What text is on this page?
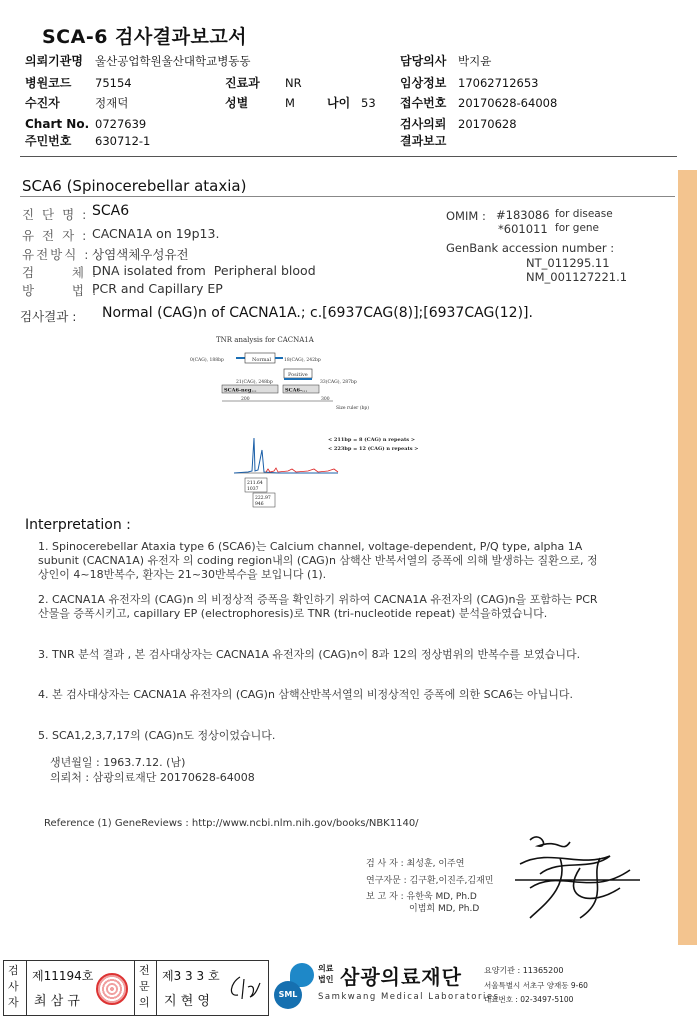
SCA-6 검사결과보고서
의뢰기관명 울산공업학원울산대학교병동동	담당의사 박지윤
병원코드 75154	진료과 NR	임상정보 17062712653
수진자	정재덕	성별	M	나이 53 접수번호 20170628-64008
Chart No. 0727639	검사의뢰 20170628
주민번호 630712-1	결과보고
SCA6 (Spinocerebellar ataxia)
진 단 명 : SCA6
유 전 자 : CACNA1A on 19p13.
유전방식 : 상염색체우성유전
검      체 :
DNA isolated from  Peripheral blood
방      법 :
PCR and Capillary EP
OMIM : #183086 for disease
*601011 for gene
GenBank accession number :
NT_011295.11
NM_001127221.1
검사결과 : Normal (CAG)n of CACNA1A.; c.[6937CAG(8)];[6937CAG(12)].
TNR analysis for CACNA1A
0(CAG), 188bp	Normal	18(CAG), 242bp
Positive
21(CAG), 248bp	33(CAG), 287bp
SCA6-neg...	SCA6-...
200	300
Size ruler (bp)
< 211bp = 8 (CAG) n repeats >
< 223bp = 12 (CAG) n repeats >
211.64
1037
222.97
946
Interpretation :
1. Spinocerebellar Ataxia type 6 (SCA6)는 Calcium channel, voltage-dependent, P/Q type, alpha 1A subunit (CACNA1A) 유전자 의 coding region내의 (CAG)n 삼핵산 반복서열의 증폭에 의해 발생하는 질환으로, 정상인이 4~18반복수, 환자는 21~30반복수을 보입니다 (1).
2. CACNA1A 유전자의 (CAG)n 의 비정상적 증폭을 확인하기 위하여 CACNA1A 유전자의 (CAG)n을 포함하는 PCR 산물을 증폭시키고, capillary EP (electrophoresis)로 TNR (tri-nucleotide repeat) 분석을하였습니다.
3. TNR 분석 결과 , 본 검사대상자는 CACNA1A 유전자의 (CAG)n이 8과 12의 정상범위의 반복수를 보였습니다.
4. 본 검사대상자는 CACNA1A 유전자의 (CAG)n 삼핵산반복서열의 비정상적인 증폭에 의한 SCA6는 아닙니다.
5. SCA1,2,3,7,17의 (CAG)n도 정상이었습니다.
생년월일 : 1963.7.12. (남)
의뢰처 : 삼광의료재단 20170628-64008
Reference (1) GeneReviews : http://www.ncbi.nlm.nih.gov/books/NBK1140/
검 사 자 : 최성훈, 이주연
연구자문 : 김구환,이진주,김재민
보 고 자 : 유한욱 MD, Ph.D
이범희 MD, Ph.D
검사자
제11194호
최 삼 규
전문의
제3 3 3 호
지 현 영	SML
의료
법인 삼광의료재단
Samkwang Medical Laboratories
요양기관 : 11365200
서울특별시 서초구 양재동 9-60
대표번호 : 02-3497-5100
